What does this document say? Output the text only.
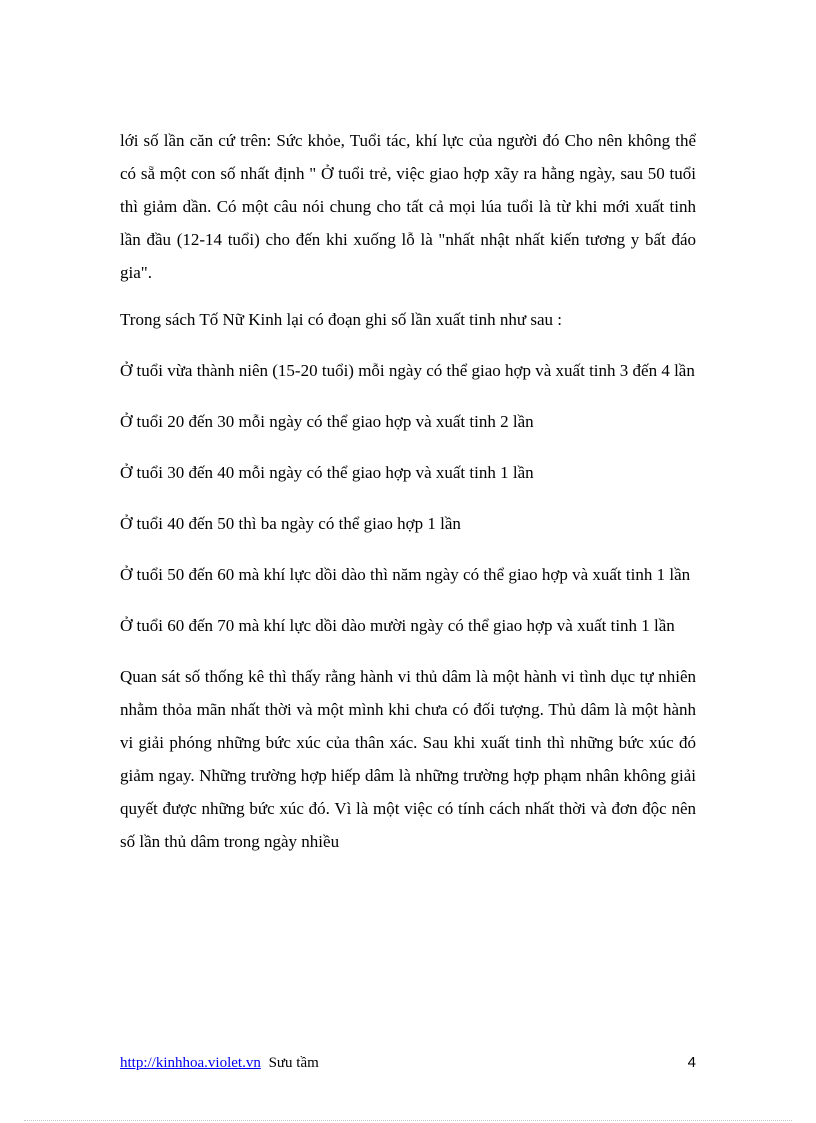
lới số lần căn cứ trên: Sức khỏe, Tuổi tác, khí lực của người đó Cho nên không thể có sẵ một con số nhất định " Ở tuổi trẻ, việc giao hợp xãy ra hằng ngày, sau 50 tuổi thì giảm dần. Có một câu nói chung cho tất cả mọi lúa tuổi là từ khi mới xuất tinh lần đầu (12-14 tuổi) cho đến khi xuống lỗ là "nhất nhật nhất kiến tương y bất đáo gia".

Trong sách Tố Nữ Kinh lại có đoạn ghi số lần xuất tinh như sau :

Ở tuổi vừa thành niên (15-20 tuổi) mỗi ngày có thể giao hợp và xuất tinh 3 đến 4 lần

Ở tuổi 20 đến 30 mỗi ngày có thể giao hợp và xuất tinh 2 lần

Ở tuổi 30 đến 40 mỗi ngày có thể giao hợp và xuất tinh 1 lần

Ở tuổi 40 đến 50 thì ba ngày có thể giao hợp 1 lần

Ở tuổi 50 đến 60 mà khí lực dồi dào thì năm ngày có thể giao hợp và xuất tinh 1 lần

Ở tuổi 60 đến 70 mà khí lực dồi dào mười ngày có thể giao hợp và xuất tinh 1 lần

Quan sát số thống kê thì thấy rằng hành vi thủ dâm là một hành vi tình dục tự nhiên nhằm thỏa mãn nhất thời và một mình khi chưa có đối tượng. Thủ dâm là một hành vi giải phóng những bức xúc của thân xác. Sau khi xuất tinh thì những bức xúc đó giảm ngay. Những trường hợp hiếp dâm là những trường hợp phạm nhân không giải quyết được những bức xúc đó. Vì là một việc có tính cách nhất thời và đơn độc nên số lần thủ dâm trong ngày nhiều

http://kinhhoa.violet.vn Sưu tầm	4
